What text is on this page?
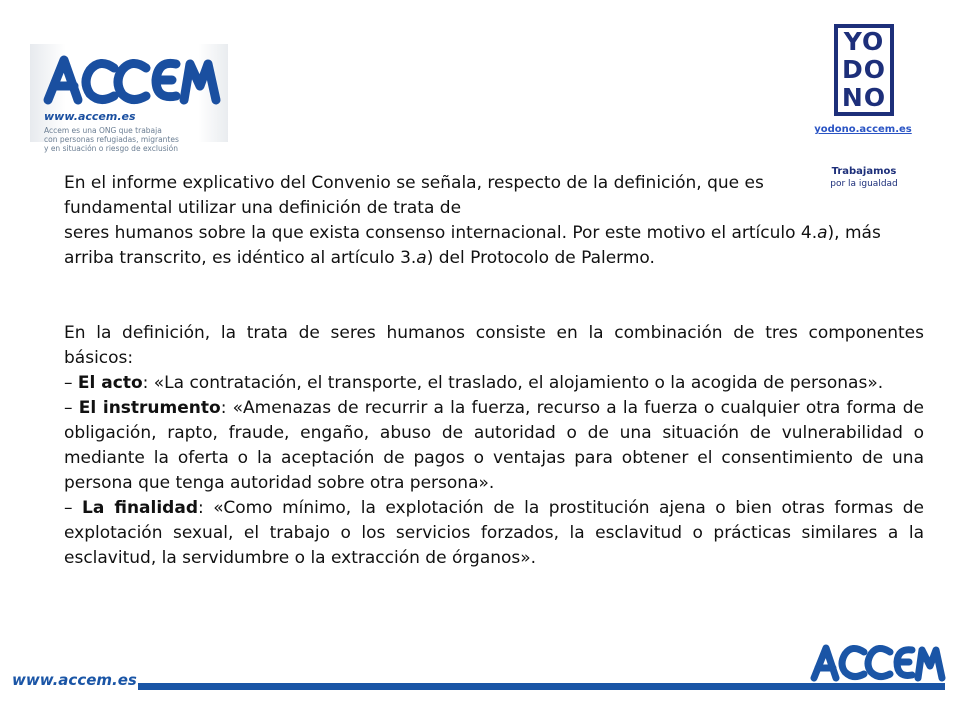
ACCEM
www.accem.es
Accem es una ONG que trabaja
con personas refugiadas, migrantes
y en situación o riesgo de exclusión
YO
DO
NO
yodono.accem.es
Trabajamos
por la igualdad

En el informe explicativo del Convenio se señala, respecto de la definición, que es fundamental utilizar una definición de trata de

seres humanos sobre la que exista consenso internacional. Por este motivo el artículo 4.a), más arriba transcrito, es idéntico al artículo 3.a) del Protocolo de Palermo.

En la definición, la trata de seres humanos consiste en la combinación de tres componentes básicos:
– El acto: «La contratación, el transporte, el traslado, el alojamiento o la acogida de personas».
– El instrumento: «Amenazas de recurrir a la fuerza, recurso a la fuerza o cualquier otra forma de obligación, rapto, fraude, engaño, abuso de autoridad o de una situación de vulnerabilidad o mediante la oferta o la aceptación de pagos o ventajas para obtener el consentimiento de una persona que tenga autoridad sobre otra persona».
– La finalidad: «Como mínimo, la explotación de la prostitución ajena o bien otras formas de explotación sexual, el trabajo o los servicios forzados, la esclavitud o prácticas similares a la esclavitud, la servidumbre o la extracción de órganos».
www.accem.es
ACCEM
